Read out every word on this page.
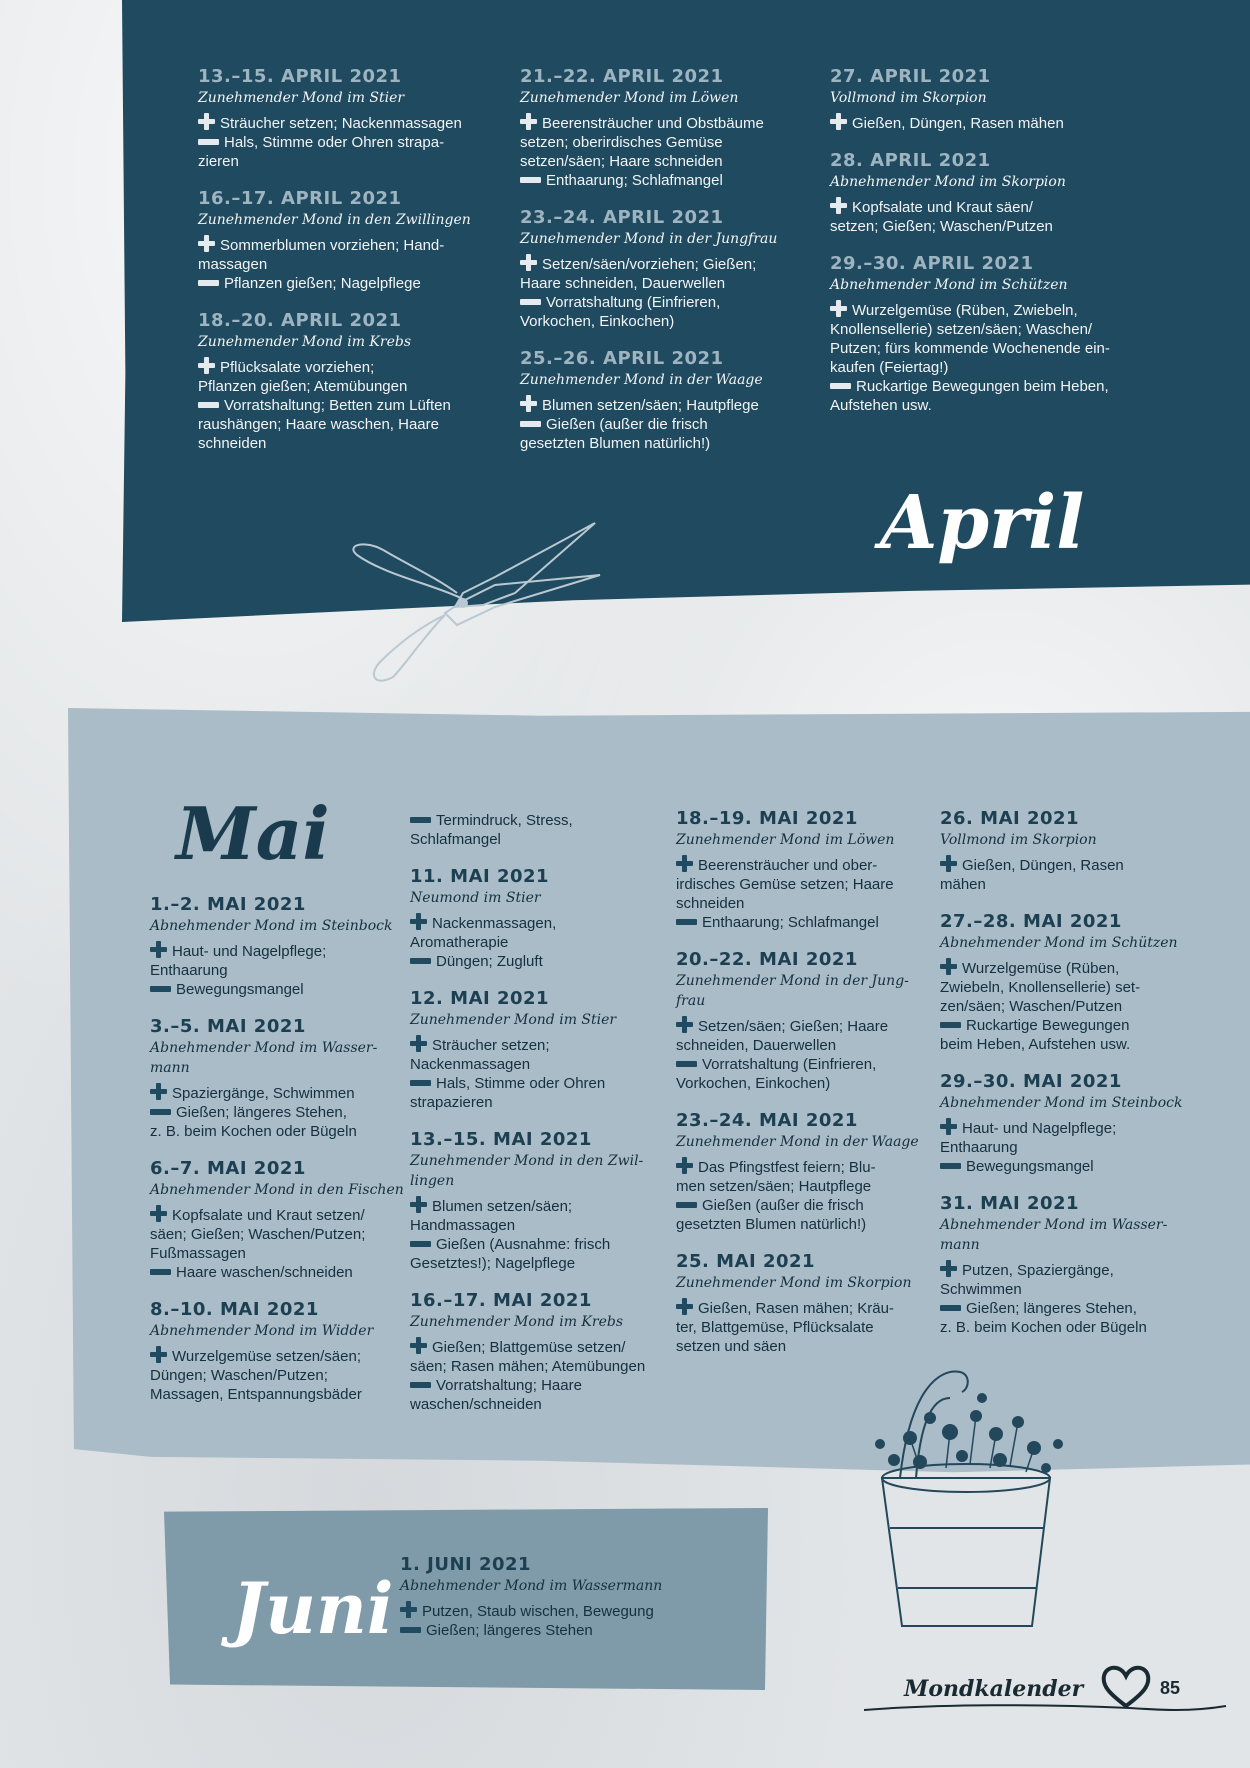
13.–15. APRIL 2021
Zunehmender Mond im Stier
Sträucher setzen; Nackenmassagen
Hals, Stimme oder Ohren strapa-
zieren
16.–17. APRIL 2021
Zunehmender Mond in den Zwillingen
Sommerblumen vorziehen; Hand-
massagen
Pflanzen gießen; Nagelpflege
18.–20. APRIL 2021
Zunehmender Mond im Krebs
Pflücksalate vorziehen;
Pflanzen gießen; Atemübungen
Vorratshaltung; Betten zum Lüften
raushängen; Haare waschen, Haare
schneiden
21.–22. APRIL 2021
Zunehmender Mond im Löwen
Beerensträucher und Obstbäume
setzen; oberirdisches Gemüse
setzen/säen; Haare schneiden
Enthaarung; Schlafmangel
23.–24. APRIL 2021
Zunehmender Mond in der Jungfrau
Setzen/säen/vorziehen; Gießen;
Haare schneiden, Dauerwellen
Vorratshaltung (Einfrieren,
Vorkochen, Einkochen)
25.–26. APRIL 2021
Zunehmender Mond in der Waage
Blumen setzen/säen; Hautpflege
Gießen (außer die frisch
gesetzten Blumen natürlich!)
27. APRIL 2021
Vollmond im Skorpion
Gießen, Düngen, Rasen mähen
28. APRIL 2021
Abnehmender Mond im Skorpion
Kopfsalate und Kraut säen/
setzen; Gießen; Waschen/Putzen
29.–30. APRIL 2021
Abnehmender Mond im Schützen
Wurzelgemüse (Rüben, Zwiebeln,
Knollensellerie) setzen/säen; Waschen/
Putzen; fürs kommende Wochenende ein-
kaufen (Feiertag!)
Ruckartige Bewegungen beim Heben,
Aufstehen usw.
April
Mai
1.–2. MAI 2021
Abnehmender Mond im Steinbock
Haut- und Nagelpflege;
Enthaarung
Bewegungsmangel
3.–5. MAI 2021
Abnehmender Mond im Wasser-
mann
Spaziergänge, Schwimmen
Gießen; längeres Stehen,
z. B. beim Kochen oder Bügeln
6.–7. MAI 2021
Abnehmender Mond in den Fischen
Kopfsalate und Kraut setzen/
säen; Gießen; Waschen/Putzen;
Fußmassagen
Haare waschen/schneiden
8.–10. MAI 2021
Abnehmender Mond im Widder
Wurzelgemüse setzen/säen;
Düngen; Waschen/Putzen;
Massagen, Entspannungsbäder
Termindruck, Stress,
Schlafmangel
11. MAI 2021
Neumond im Stier
Nackenmassagen,
Aromatherapie
Düngen; Zugluft
12. MAI 2021
Zunehmender Mond im Stier
Sträucher setzen;
Nackenmassagen
Hals, Stimme oder Ohren
strapazieren
13.–15. MAI 2021
Zunehmender Mond in den Zwil-
lingen
Blumen setzen/säen;
Handmassagen
Gießen (Ausnahme: frisch
Gesetztes!); Nagelpflege
16.–17. MAI 2021
Zunehmender Mond im Krebs
Gießen; Blattgemüse setzen/
säen; Rasen mähen; Atemübungen
Vorratshaltung; Haare
waschen/schneiden
18.–19. MAI 2021
Zunehmender Mond im Löwen
Beerensträucher und ober-
irdisches Gemüse setzen; Haare
schneiden
Enthaarung; Schlafmangel
20.–22. MAI 2021
Zunehmender Mond in der Jung-
frau
Setzen/säen; Gießen; Haare
schneiden, Dauerwellen
Vorratshaltung (Einfrieren,
Vorkochen, Einkochen)
23.–24. MAI 2021
Zunehmender Mond in der Waage
Das Pfingstfest feiern; Blu-
men setzen/säen; Hautpflege
Gießen (außer die frisch
gesetzten Blumen natürlich!)
25. MAI 2021
Zunehmender Mond im Skorpion
Gießen, Rasen mähen; Kräu-
ter, Blattgemüse, Pflücksalate
setzen und säen
26. MAI 2021
Vollmond im Skorpion
Gießen, Düngen, Rasen
mähen
27.–28. MAI 2021
Abnehmender Mond im Schützen
Wurzelgemüse (Rüben,
Zwiebeln, Knollensellerie) set-
zen/säen; Waschen/Putzen
Ruckartige Bewegungen
beim Heben, Aufstehen usw.
29.–30. MAI 2021
Abnehmender Mond im Steinbock
Haut- und Nagelpflege;
Enthaarung
Bewegungsmangel
31. MAI 2021
Abnehmender Mond im Wasser-
mann
Putzen, Spaziergänge,
Schwimmen
Gießen; längeres Stehen,
z. B. beim Kochen oder Bügeln
Juni
1. JUNI 2021
Abnehmender Mond im Wassermann
Putzen, Staub wischen, Bewegung
Gießen; längeres Stehen
Mondkalender	85
